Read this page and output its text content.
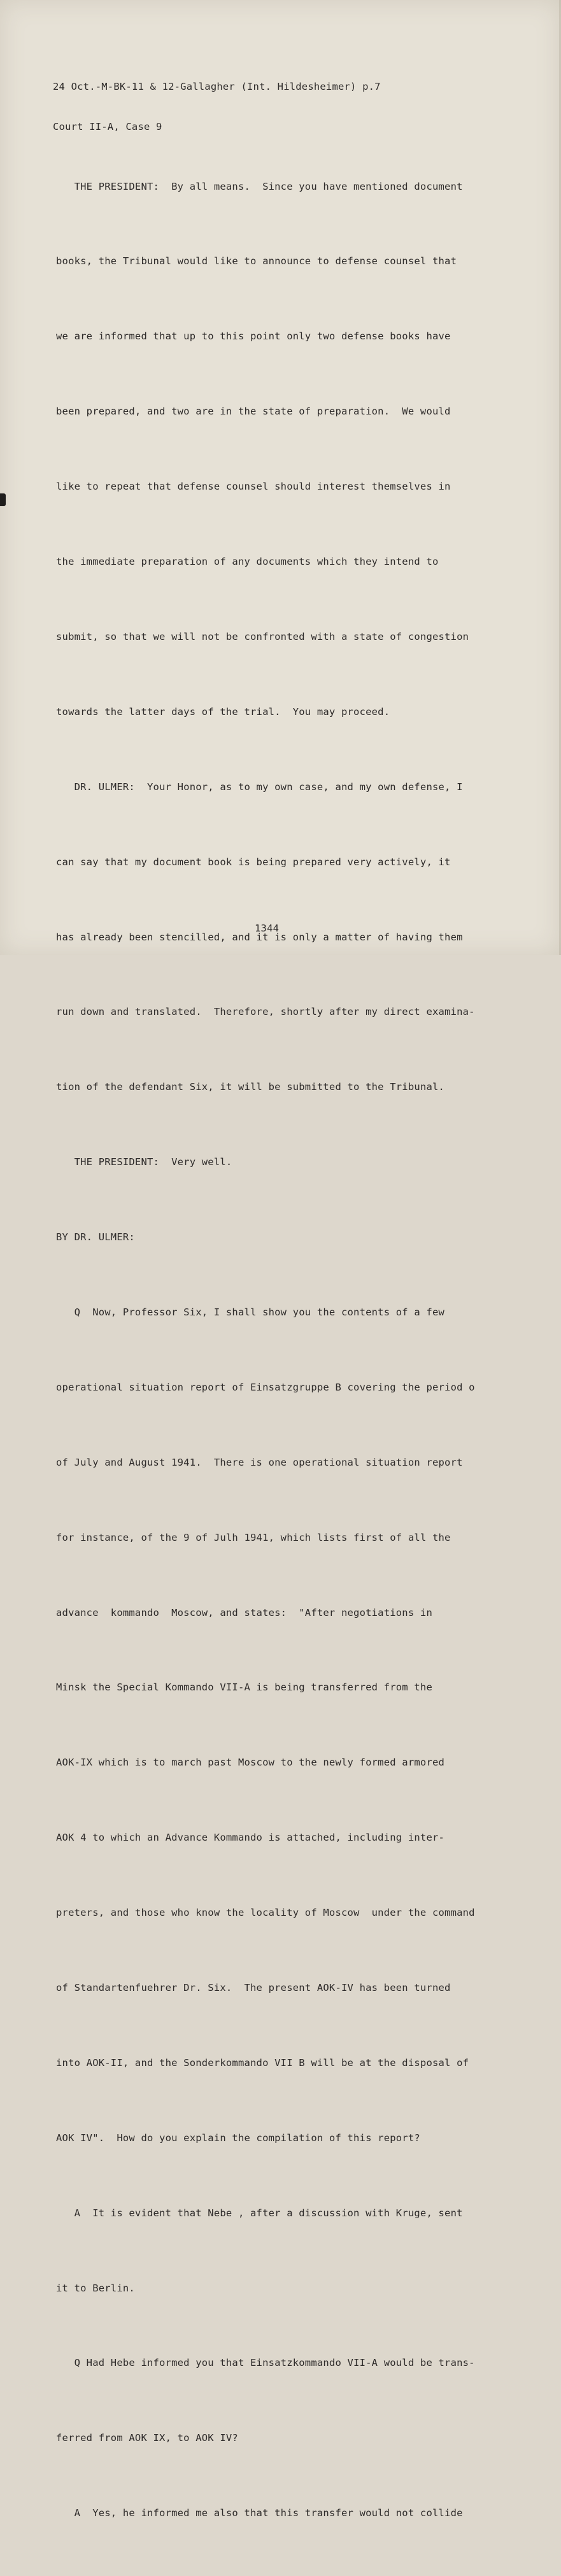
24 Oct.-M-BK-11 & 12-Gallagher (Int. Hildesheimer) p.7

Court II-A, Case 9

THE PRESIDENT:  By all means.  Since you have mentioned document

books, the Tribunal would like to announce to defense counsel that

we are informed that up to this point only two defense books have

been prepared, and two are in the state of preparation.  We would

like to repeat that defense counsel should interest themselves in

the immediate preparation of any documents which they intend to

submit, so that we will not be confronted with a state of congestion

towards the latter days of the trial.  You may proceed.

DR. ULMER:  Your Honor, as to my own case, and my own defense, I

can say that my document book is being prepared very actively, it

has already been stencilled, and it is only a matter of having them

run down and translated.  Therefore, shortly after my direct examina-

tion of the defendant Six, it will be submitted to the Tribunal.

THE PRESIDENT:  Very well.

BY DR. ULMER:

Q  Now, Professor Six, I shall show you the contents of a few

operational situation report of Einsatzgruppe B covering the period o

of July and August 1941.  There is one operational situation report

for instance, of the 9 of Julh 1941, which lists first of all the

advance  kommando  Moscow, and states:  "After negotiations in

Minsk the Special Kommando VII-A is being transferred from the

AOK-IX which is to march past Moscow to the newly formed armored

AOK 4 to which an Advance Kommando is attached, including inter-

preters, and those who know the locality of Moscow  under the command

of Standartenfuehrer Dr. Six.  The present AOK-IV has been turned

into AOK-II, and the Sonderkommando VII B will be at the disposal of

AOK IV".  How do you explain the compilation of this report?

A  It is evident that Nebe , after a discussion with Kruge, sent

it to Berlin.

Q Had Hebe informed you that Einsatzkommando VII-A would be trans-

ferred from AOK IX, to AOK IV?

A  Yes, he informed me also that this transfer would not collide

1344
